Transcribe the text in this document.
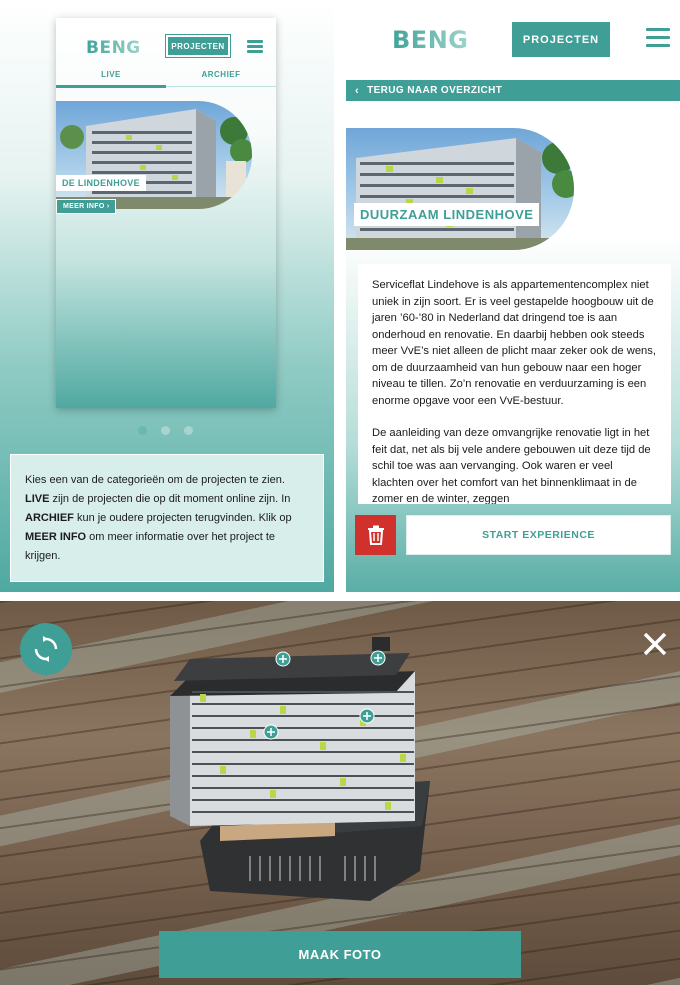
BENG	PROJECTEN
LIVE	ARCHIEF
DE LINDENHOVE
MEER INFO ›
Kies een van de categorieën om de projecten te zien. LIVE zijn de projecten die op dit moment online zijn. In ARCHIEF kun je oudere projecten terugvinden. Klik op MEER INFO om meer informatie over het project te krijgen.
BENG	PROJECTEN
‹ TERUG NAAR OVERZICHT
DUURZAAM LINDENHOVE

Serviceflat Lindehove is als appartementencomplex niet uniek in zijn soort. Er is veel gestapelde hoogbouw uit de jaren ’60-’80 in Nederland dat dringend toe is aan onderhoud en renovatie. En daarbij hebben ook steeds meer VvE’s niet alleen de plicht maar zeker ook de wens, om de duurzaamheid van hun gebouw naar een hoger niveau te tillen. Zo’n renovatie en verduurzaming is een enorme opgave voor een VvE-bestuur.

De aanleiding van deze omvangrijke renovatie ligt in het feit dat, net als bij vele andere gebouwen uit deze tijd de schil toe was aan vervanging. Ook waren er veel klachten over het comfort van het binnenklimaat in de zomer en de winter, zeggen

START EXPERIENCE
MAAK FOTO
